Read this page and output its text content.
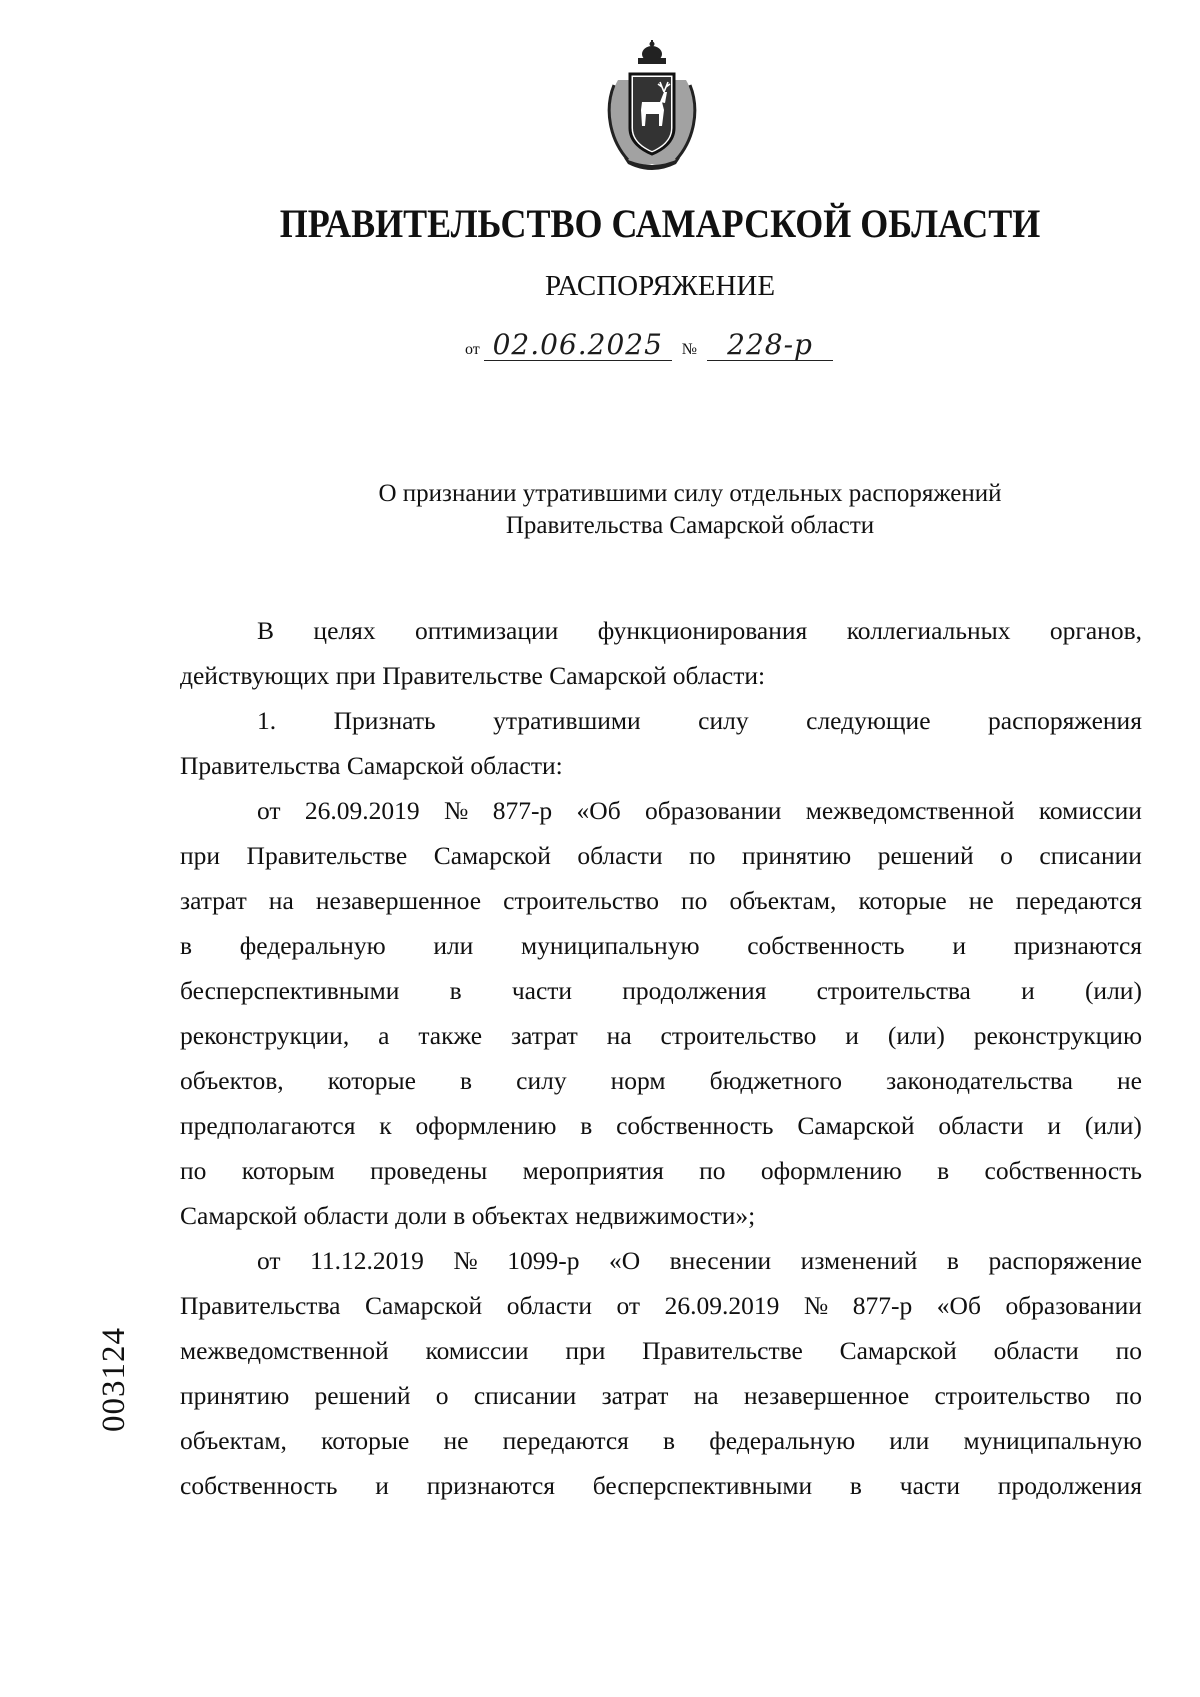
ПРАВИТЕЛЬСТВО САМАРСКОЙ ОБЛАСТИ
РАСПОРЯЖЕНИЕ
от 02.06.2025 № 228-р
О признании утратившими силу отдельных распоряжений
Правительства Самарской области
В целях оптимизации функционирования коллегиальных органов,
действующих при Правительстве Самарской области:
1. Признать утратившими силу следующие распоряжения
Правительства Самарской области:
от 26.09.2019 № 877-р «Об образовании межведомственной комиссии
при Правительстве Самарской области по принятию решений о списании
затрат на незавершенное строительство по объектам, которые не передаются
в федеральную или муниципальную собственность и признаются
бесперспективными в части продолжения строительства и (или)
реконструкции, а также затрат на строительство и (или) реконструкцию
объектов, которые в силу норм бюджетного законодательства не
предполагаются к оформлению в собственность Самарской области и (или)
по которым проведены мероприятия по оформлению в собственность
Самарской области доли в объектах недвижимости»;
от 11.12.2019 № 1099-р «О внесении изменений в распоряжение
Правительства Самарской области от 26.09.2019 № 877-р «Об образовании
межведомственной комиссии при Правительстве Самарской области по
принятию решений о списании затрат на незавершенное строительство по
объектам, которые не передаются в федеральную или муниципальную
собственность и признаются бесперспективными в части продолжения
003124
